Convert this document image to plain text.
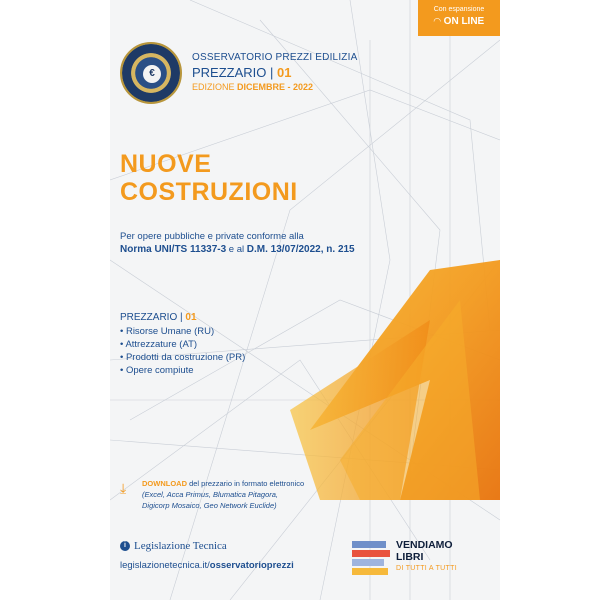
Con espansione
◠ ON LINE
€
OSSERVATORIO PREZZI EDILIZIA
PREZZARIO | 01
EDIZIONE DICEMBRE - 2022
NUOVE
COSTRUZIONI
Per opere pubbliche e private conforme alla
Norma UNI/TS 11337-3 e al D.M. 13/07/2022, n. 215
PREZZARIO | 01
• Risorse Umane (RU)
• Attrezzature (AT)
• Prodotti da costruzione (PR)
• Opere compiute
⤓	DOWNLOAD del prezzario in formato elettronico
(Excel, Acca Primus, Blumatica Pitagora,
Digicorp Mosaico, Geo Network Euclide)
i Legislazione Tecnica
legislazionetecnica.it/osservatorioprezzi
VENDIAMO
LIBRI
DI TUTTI A TUTTI
